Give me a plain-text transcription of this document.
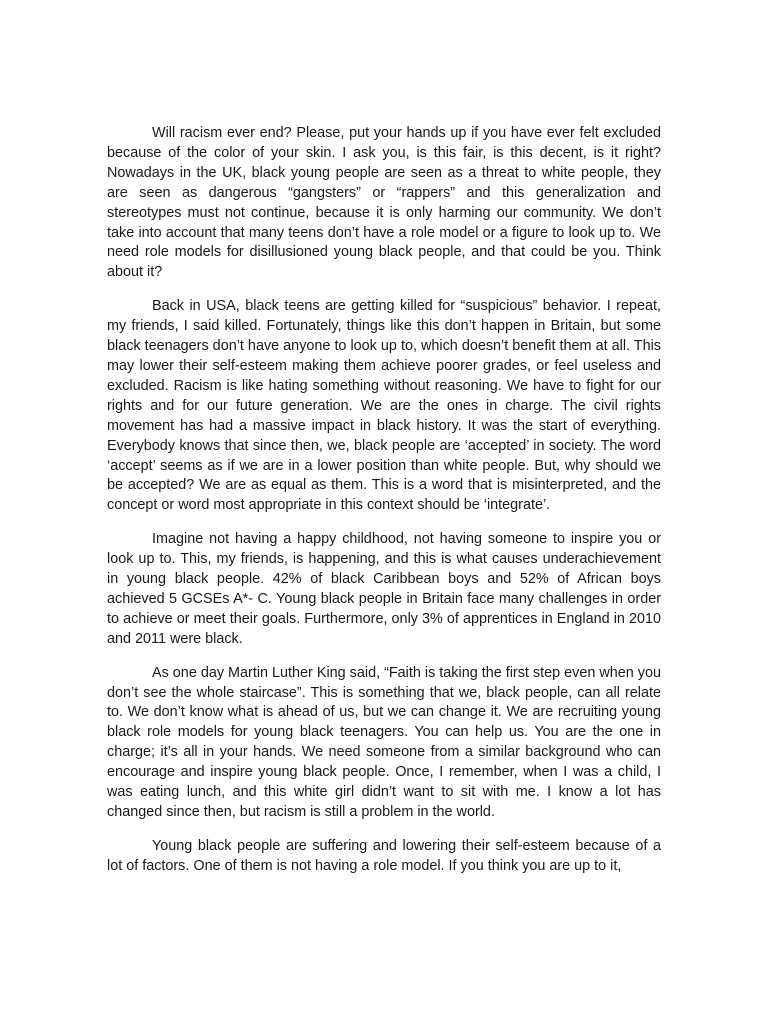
Will racism ever end? Please, put your hands up if you have ever felt excluded because of the color of your skin. I ask you, is this fair, is this decent, is it right? Nowadays in the UK, black young people are seen as a threat to white people, they are seen as dangerous “gangsters” or “rappers” and this generalization and stereotypes must not continue, because it is only harming our community. We don’t take into account that many teens don’t have a role model or a figure to look up to. We need role models for disillusioned young black people, and that could be you. Think about it?

Back in USA, black teens are getting killed for “suspicious” behavior. I repeat, my friends, I said killed. Fortunately, things like this don’t happen in Britain, but some black teenagers don’t have anyone to look up to, which doesn’t benefit them at all. This may lower their self-esteem making them achieve poorer grades, or feel useless and excluded. Racism is like hating something without reasoning. We have to fight for our rights and for our future generation. We are the ones in charge. The civil rights movement has had a massive impact in black history. It was the start of everything. Everybody knows that since then, we, black people are ‘accepted’ in society. The word ‘accept’ seems as if we are in a lower position than white people. But, why should we be accepted? We are as equal as them. This is a word that is misinterpreted, and the concept or word most appropriate in this context should be ‘integrate’.

Imagine not having a happy childhood, not having someone to inspire you or look up to. This, my friends, is happening, and this is what causes underachievement in young black people. 42% of black Caribbean boys and 52% of African boys achieved 5 GCSEs A*- C. Young black people in Britain face many challenges in order to achieve or meet their goals. Furthermore, only 3% of apprentices in England in 2010 and 2011 were black.

As one day Martin Luther King said, “Faith is taking the first step even when you don’t see the whole staircase”. This is something that we, black people, can all relate to. We don’t know what is ahead of us, but we can change it. We are recruiting young black role models for young black teenagers. You can help us. You are the one in charge; it’s all in your hands. We need someone from a similar background who can encourage and inspire young black people. Once, I remember, when I was a child, I was eating lunch, and this white girl didn’t want to sit with me. I know a lot has changed since then, but racism is still a problem in the world.

Young black people are suffering and lowering their self-esteem because of a lot of factors. One of them is not having a role model. If you think you are up to it,
